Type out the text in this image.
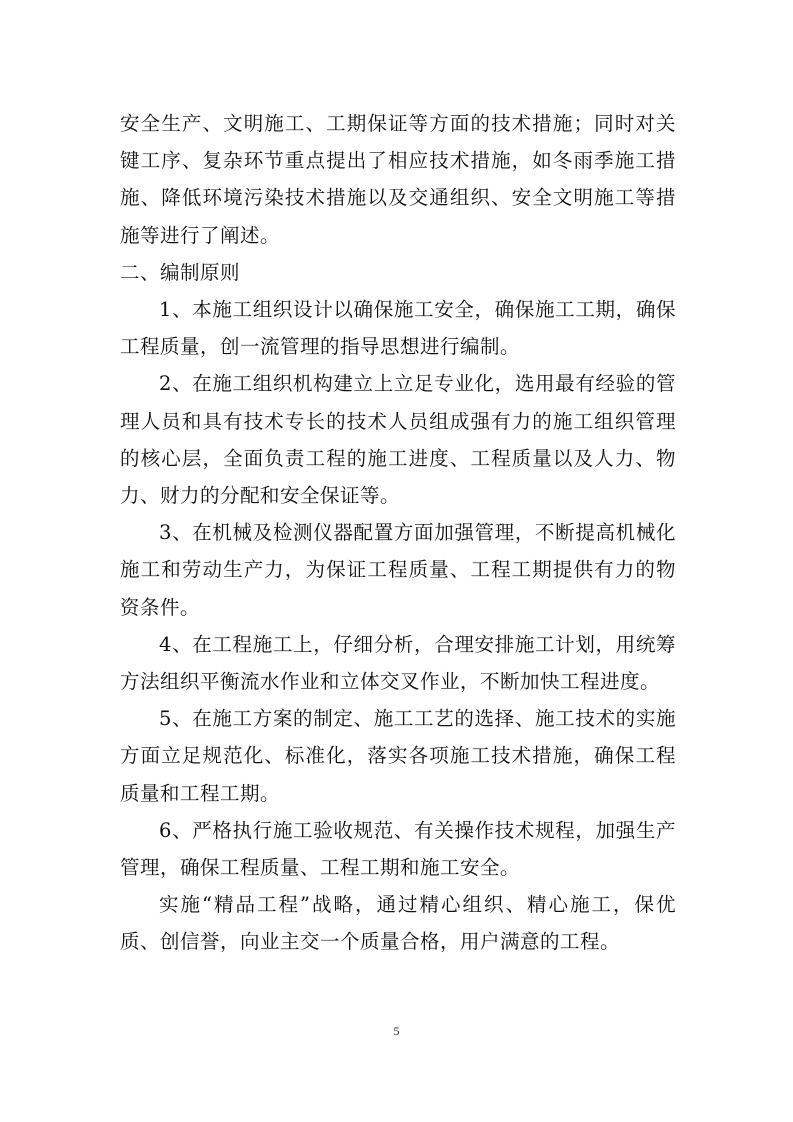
安全生产、文明施工、工期保证等方面的技术措施；同时对关键工序、复杂环节重点提出了相应技术措施，如冬雨季施工措施、降低环境污染技术措施以及交通组织、安全文明施工等措施等进行了阐述。

二、编制原则

1、本施工组织设计以确保施工安全，确保施工工期，确保工程质量，创一流管理的指导思想进行编制。

2、在施工组织机构建立上立足专业化，选用最有经验的管理人员和具有技术专长的技术人员组成强有力的施工组织管理的核心层，全面负责工程的施工进度、工程质量以及人力、物力、财力的分配和安全保证等。

3、在机械及检测仪器配置方面加强管理，不断提高机械化施工和劳动生产力，为保证工程质量、工程工期提供有力的物资条件。

4、在工程施工上，仔细分析，合理安排施工计划，用统筹方法组织平衡流水作业和立体交叉作业，不断加快工程进度。

5、在施工方案的制定、施工工艺的选择、施工技术的实施方面立足规范化、标准化，落实各项施工技术措施，确保工程质量和工程工期。

6、严格执行施工验收规范、有关操作技术规程，加强生产管理，确保工程质量、工程工期和施工安全。

实施“精品工程”战略，通过精心组织、精心施工，保优质、创信誉，向业主交一个质量合格，用户满意的工程。

5
